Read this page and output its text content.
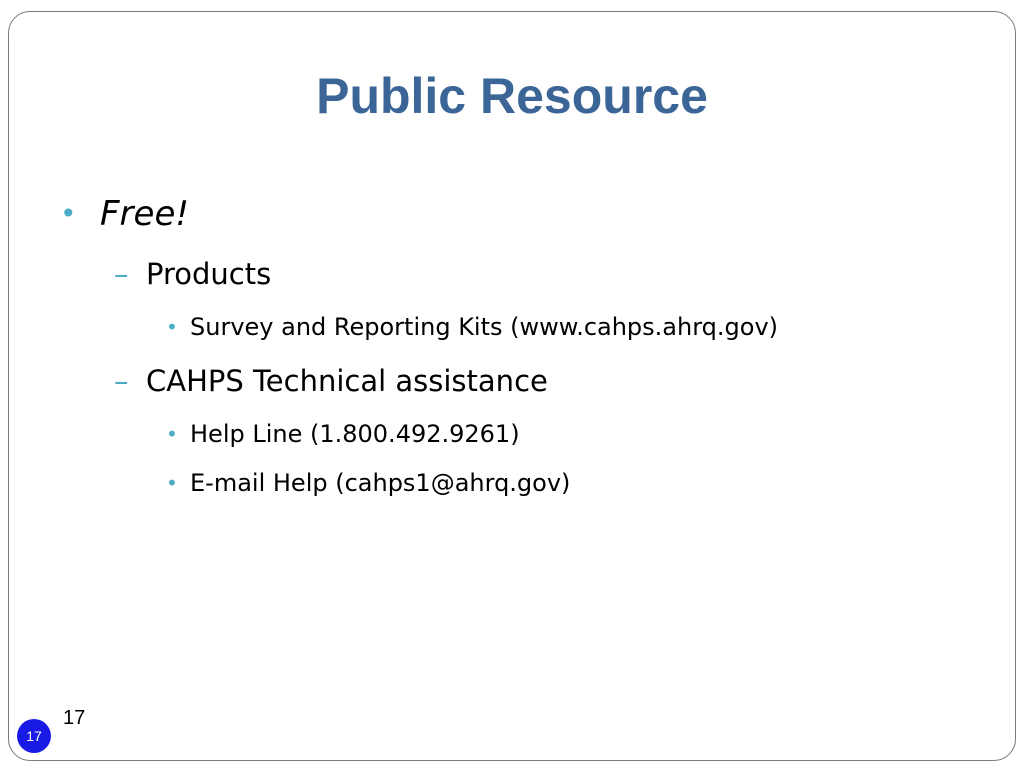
Public Resource
• Free!
– Products
• Survey and Reporting Kits (www.cahps.ahrq.gov)
– CAHPS Technical assistance
• Help Line (1.800.492.9261)
• E-mail Help (cahps1@ahrq.gov)
17
17
